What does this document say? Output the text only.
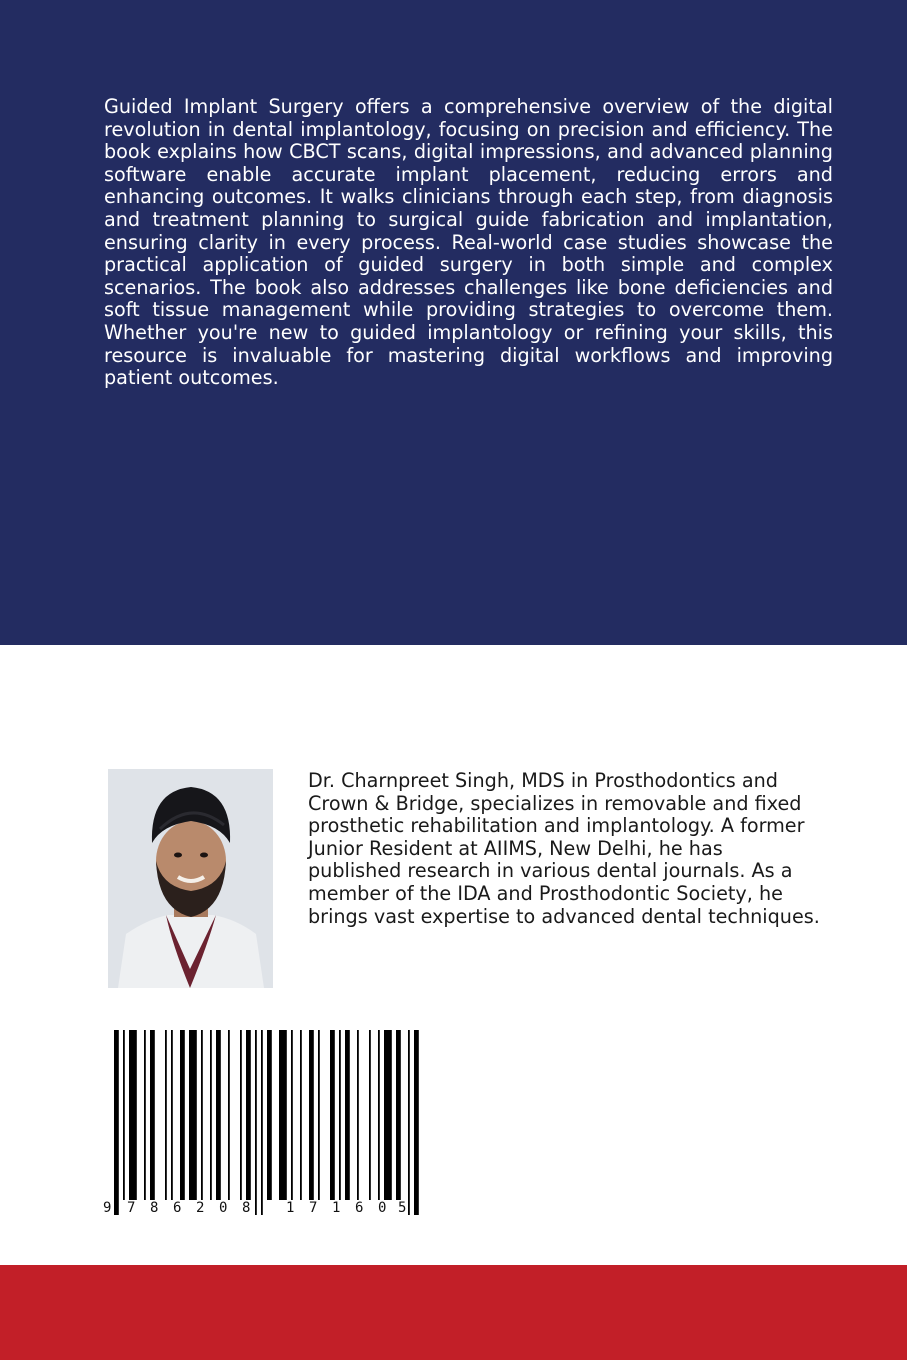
Guided Implant Surgery offers a comprehensive overview of the digital revolution in dental implantology, focusing on precision and efficiency. The book explains how CBCT scans, digital impressions, and advanced planning software enable accurate implant placement, reducing errors and enhancing outcomes. It walks clinicians through each step, from diagnosis and treatment planning to surgical guide fabrication and implantation, ensuring clarity in every process. Real-world case studies showcase the practical application of guided surgery in both simple and complex scenarios. The book also addresses challenges like bone deficiencies and soft tissue management while providing strategies to overcome them. Whether you're new to guided implantology or refining your skills, this resource is invaluable for mastering digital workflows and improving patient outcomes.

Dr. Charnpreet Singh, MDS in Prosthodontics and
Crown & Bridge, specializes in removable and fixed
prosthetic rehabilitation and implantology. A former
Junior Resident at AIIMS, New Delhi, he has
published research in various dental journals. As a
member of the IDA and Prosthodontic Society, he
brings vast expertise to advanced dental techniques.
9 7 8 6 2 0 8	1 7 1 6 0 5
